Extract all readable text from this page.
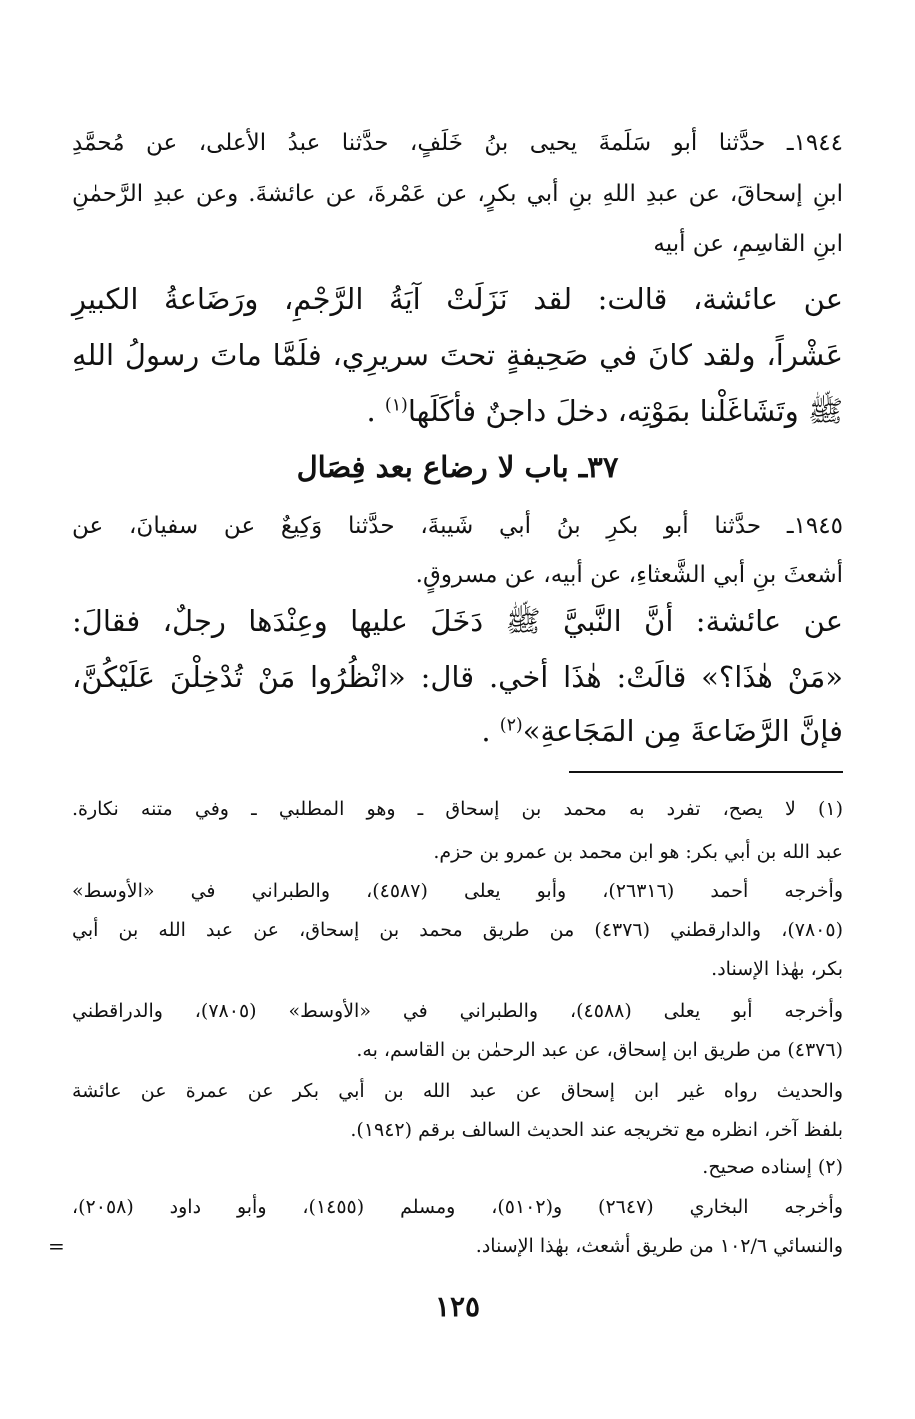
١٩٤٤ـ حدَّثنا أبو سَلَمةَ يحيى بنُ خَلَفٍ، حدَّثنا عبدُ الأعلى، عن مُحمَّدِ
ابنِ إسحاقَ، عن عبدِ اللهِ بنِ أبي بكرٍ، عن عَمْرةَ، عن عائشةَ. وعن عبدِ الرَّحمٰنِ
ابنِ القاسِمِ، عن أبيه
عن عائشة، قالت: لقد نَزَلَتْ آيَةُ الرَّجْمِ، ورَضَاعةُ الكبيرِ
عَشْراً، ولقد كانَ في صَحِيفةٍ تحتَ سريرِي، فلَمَّا ماتَ رسولُ اللهِ
ﷺ وتَشَاغَلْنا بمَوْتِه، دخلَ داجنٌ فأكَلَها$^{(١)}$ .
٣٧ـ باب لا رضاع بعد فِصَال
١٩٤٥ـ حدَّثنا أبو بكرِ بنُ أبي شَيبةَ، حدَّثنا وَكِيعٌ عن سفيانَ، عن
أشعثَ بنِ أبي الشَّعثاءِ، عن أبيه، عن مسروقٍ.
عن عائشة: أنَّ النَّبيَّ ﷺ دَخَلَ عليها وعِنْدَها رجلٌ، فقالَ:
«مَنْ هٰذَا؟» قالَتْ: هٰذَا أخي. قال: «انْظُرُوا مَنْ تُدْخِلْنَ عَلَيْكُنَّ،
فإنَّ الرَّضَاعةَ مِن المَجَاعةِ»$^{(٢)}$ .
(١) لا يصح، تفرد به محمد بن إسحاق ـ وهو المطلبي ـ وفي متنه نكارة.
عبد الله بن أبي بكر: هو ابن محمد بن عمرو بن حزم.
وأخرجه أحمد (٢٦٣١٦)، وأبو يعلى (٤٥٨٧)، والطبراني في «الأوسط»
(٧٨٠٥)، والدارقطني (٤٣٧٦) من طريق محمد بن إسحاق، عن عبد الله بن أبي
بكر، بهٰذا الإسناد.
وأخرجه أبو يعلى (٤٥٨٨)، والطبراني في «الأوسط» (٧٨٠٥)، والدراقطني
(٤٣٧٦) من طريق ابن إسحاق، عن عبد الرحمٰن بن القاسم، به.
والحديث رواه غير ابن إسحاق عن عبد الله بن أبي بكر عن عمرة عن عائشة
بلفظ آخر، انظره مع تخريجه عند الحديث السالف برقم (١٩٤٢).
(٢) إسناده صحيح.
وأخرجه البخاري (٢٦٤٧) و(٥١٠٢)، ومسلم (١٤٥٥)، وأبو داود (٢٠٥٨)،
والنسائي ١٠٢/٦ من طريق أشعث، بهٰذا الإسناد.
=
١٢٥
